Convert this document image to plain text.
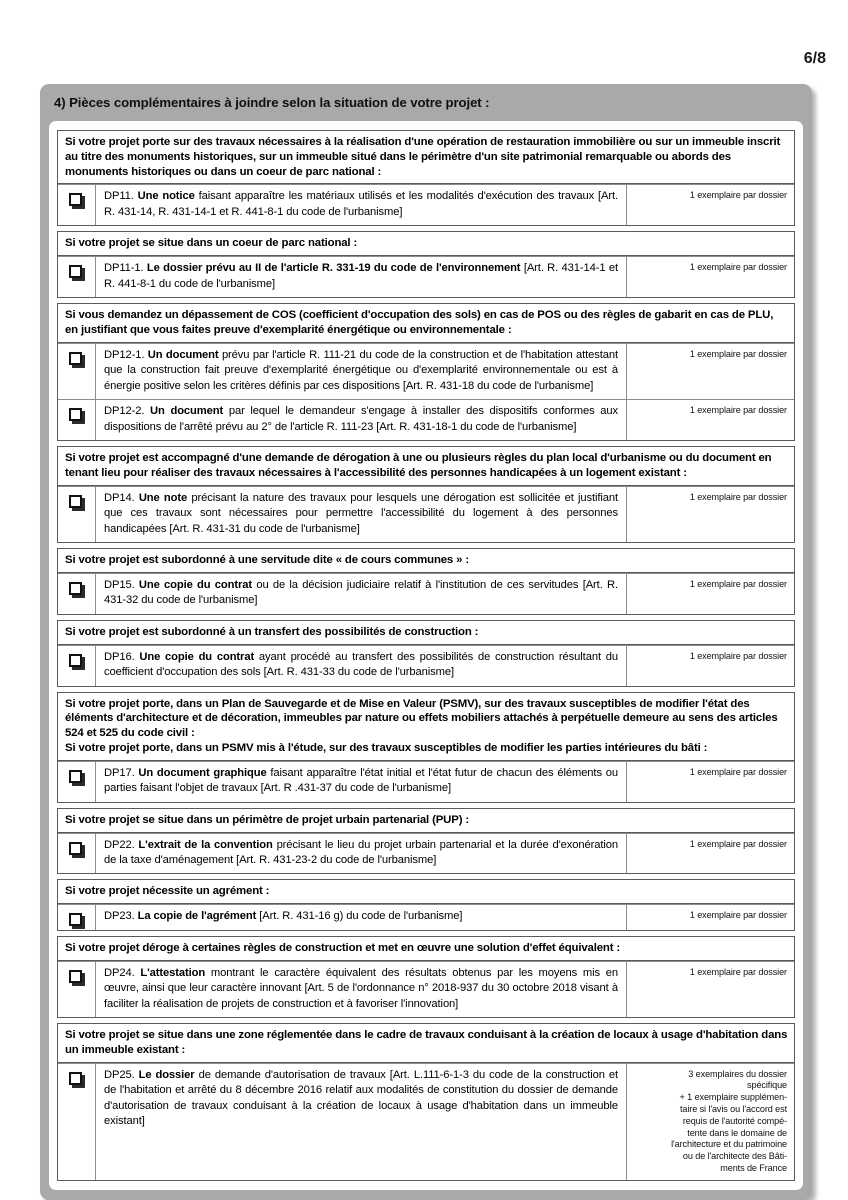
6/8
4) Pièces complémentaires à joindre selon la situation de votre projet :

Si votre projet porte sur des travaux nécessaires à la réalisation d'une opération de restauration immobilière ou sur un immeuble inscrit au titre des monuments historiques, sur un immeuble situé dans le périmètre d'un site patrimonial remarquable ou abords des monuments historiques ou dans un coeur de parc national :

DP11. Une notice faisant apparaître les matériaux utilisés et les modalités d'exécution des travaux [Art. R. 431-14, R. 431-14-1 et R. 441-8-1 du code de l'urbanisme]

1 exemplaire par dossier

Si votre projet se situe dans un coeur de parc national :

DP11-1. Le dossier prévu au II de l'article R. 331-19 du code de l'environnement [Art. R. 431-14-1 et R. 441-8-1 du code de l'urbanisme]

1 exemplaire par dossier

Si vous demandez un dépassement de COS (coefficient d'occupation des sols) en cas de POS ou des règles de gabarit en cas de PLU, en justifiant que vous faites preuve d'exemplarité énergétique ou environnementale :

DP12-1. Un document prévu par l'article R. 111-21 du code de la construction et de l'habitation attestant que la construction fait preuve d'exemplarité énergétique ou d'exemplarité environnementale ou est à énergie positive selon les critères définis par ces dispositions [Art. R. 431-18 du code de l'urbanisme]

1 exemplaire par dossier

DP12-2. Un document par lequel le demandeur s'engage à installer des dispositifs conformes aux dispositions de l'arrêté prévu au 2° de l'article R. 111-23 [Art. R. 431-18-1 du code de l'urbanisme]

1 exemplaire par dossier

Si votre projet est accompagné d'une demande de dérogation à une ou plusieurs règles du plan local d'urbanisme ou du document en tenant lieu pour réaliser des travaux nécessaires à l'accessibilité des personnes handicapées à un logement existant :

DP14. Une note précisant la nature des travaux pour lesquels une dérogation est sollicitée et justifiant que ces travaux sont nécessaires pour permettre l'accessibilité du logement à des personnes handicapées [Art. R. 431-31 du code de l'urbanisme]

1 exemplaire par dossier

Si votre projet est subordonné à une servitude dite « de cours communes » :

DP15. Une copie du contrat ou de la décision judiciaire relatif à l'institution de ces servitudes [Art. R. 431-32 du code de l'urbanisme]

1 exemplaire par dossier

Si votre projet est subordonné à un transfert des possibilités de construction :

DP16. Une copie du contrat ayant procédé au transfert des possibilités de construction résultant du coefficient d'occupation des sols [Art. R. 431-33 du code de l'urbanisme]

1 exemplaire par dossier

Si votre projet porte, dans un Plan de Sauvegarde et de Mise en Valeur (PSMV), sur des travaux susceptibles de modifier l'état des éléments d'architecture et de décoration, immeubles par nature ou effets mobiliers attachés à perpétuelle demeure au sens des articles 524 et 525 du code civil :

Si votre projet porte, dans un PSMV mis à l'étude, sur des travaux susceptibles de modifier les parties intérieures du bâti :

DP17. Un document graphique faisant apparaître l'état initial et l'état futur de chacun des éléments ou parties faisant l'objet de travaux [Art. R .431-37 du code de l'urbanisme]

1 exemplaire par dossier

Si votre projet se situe dans un périmètre de projet urbain partenarial (PUP) :

DP22. L'extrait de la convention précisant le lieu du projet urbain partenarial et la durée d'exonération de la taxe d'aménagement [Art. R. 431-23-2 du code de l'urbanisme]

1 exemplaire par dossier

Si votre projet nécessite un agrément :

DP23. La copie de l'agrément [Art. R. 431-16 g) du code de l'urbanisme]	1 exemplaire par dossier

Si votre projet déroge à certaines règles de construction et met en œuvre une solution d'effet équivalent :

DP24. L'attestation montrant le caractère équivalent des résultats obtenus par les moyens mis en œuvre, ainsi que leur caractère innovant [Art. 5 de l'ordonnance n° 2018-937 du 30 octobre 2018 visant à faciliter la réalisation de projets de construction et à favoriser l'innovation]

1 exemplaire par dossier

Si votre projet se situe dans une zone réglementée dans le cadre de travaux conduisant à la création de locaux à usage d'habitation dans un immeuble existant :

DP25. Le dossier de demande d'autorisation de travaux [Art. L.111-6-1-3 du code de la construction et de l'habitation et arrêté du 8 décembre 2016 relatif aux modalités de constitution du dossier de demande d'autorisation de travaux conduisant à la création de locaux à usage d'habitation dans un immeuble existant]

3 exemplaires du dossier

spécifique

+ 1 exemplaire supplémen-

taire si l'avis ou l'accord est

requis de l'autorité compé-

tente dans le domaine de

l'architecture et du patrimoine

ou de l'architecte des Bâti-

ments de France
